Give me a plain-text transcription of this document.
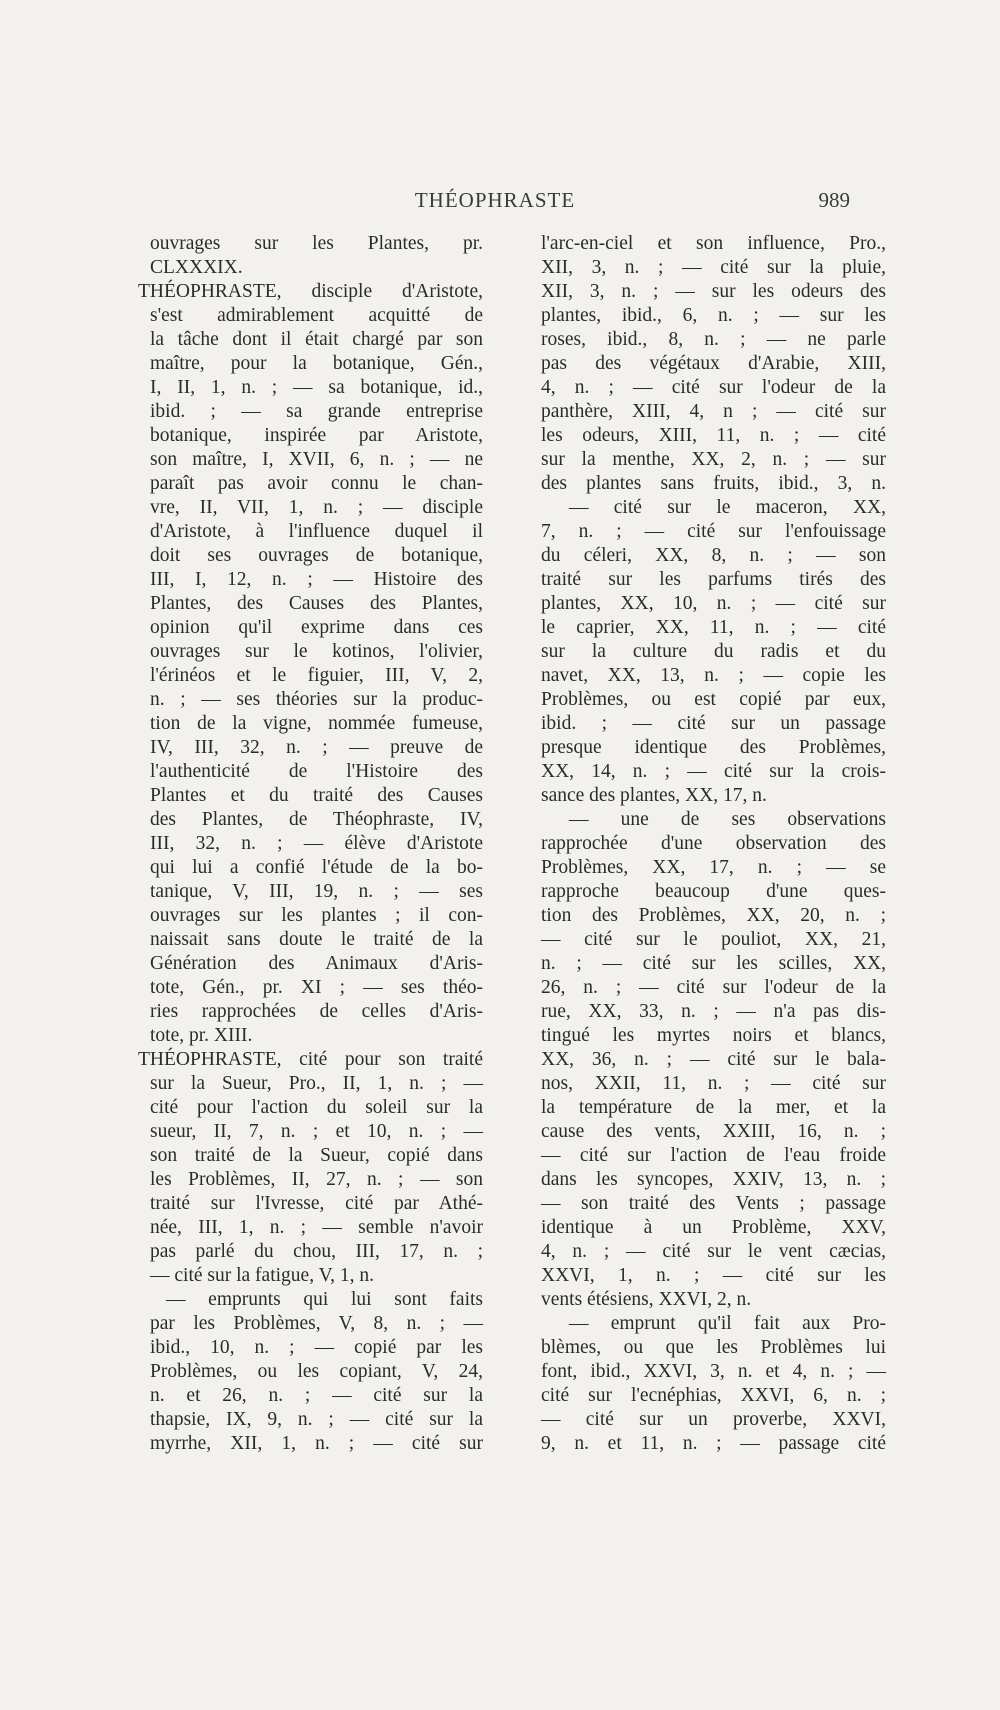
THÉOPHRASTE	989
ouvrages sur les Plantes, pr.
CLXXXIX.
THÉOPHRASTE, disciple d'Aristote,
s'est admirablement acquitté de
la tâche dont il était chargé par son
maître, pour la botanique, Gén.,
I, II, 1, n. ; — sa botanique, id.,
ibid. ; — sa grande entreprise
botanique, inspirée par Aristote,
son maître, I, XVII, 6, n. ; — ne
paraît pas avoir connu le chan-
vre, II, VII, 1, n. ; — disciple
d'Aristote, à l'influence duquel il
doit ses ouvrages de botanique,
III, I, 12, n. ; — Histoire des
Plantes, des Causes des Plantes,
opinion qu'il exprime dans ces
ouvrages sur le kotinos, l'olivier,
l'érinéos et le figuier, III, V, 2,
n. ; — ses théories sur la produc-
tion de la vigne, nommée fumeuse,
IV, III, 32, n. ; — preuve de
l'authenticité de l'Histoire des
Plantes et du traité des Causes
des Plantes, de Théophraste, IV,
III, 32, n. ; — élève d'Aristote
qui lui a confié l'étude de la bo-
tanique, V, III, 19, n. ; — ses
ouvrages sur les plantes ; il con-
naissait sans doute le traité de la
Génération des Animaux d'Aris-
tote, Gén., pr. XI ; — ses théo-
ries rapprochées de celles d'Aris-
tote, pr. XIII.
THÉOPHRASTE, cité pour son traité
sur la Sueur, Pro., II, 1, n. ; —
cité pour l'action du soleil sur la
sueur, II, 7, n. ; et 10, n. ; —
son traité de la Sueur, copié dans
les Problèmes, II, 27, n. ; — son
traité sur l'Ivresse, cité par Athé-
née, III, 1, n. ; — semble n'avoir
pas parlé du chou, III, 17, n. ;
— cité sur la fatigue, V, 1, n.
— emprunts qui lui sont faits
par les Problèmes, V, 8, n. ; —
ibid., 10, n. ; — copié par les
Problèmes, ou les copiant, V, 24,
n. et 26, n. ; — cité sur la
thapsie, IX, 9, n. ; — cité sur la
myrrhe, XII, 1, n. ; — cité sur
l'arc-en-ciel et son influence, Pro.,
XII, 3, n. ; — cité sur la pluie,
XII, 3, n. ; — sur les odeurs des
plantes, ibid., 6, n. ; — sur les
roses, ibid., 8, n. ; — ne parle
pas des végétaux d'Arabie, XIII,
4, n. ; — cité sur l'odeur de la
panthère, XIII, 4, n ; — cité sur
les odeurs, XIII, 11, n. ; — cité
sur la menthe, XX, 2, n. ; — sur
des plantes sans fruits, ibid., 3, n.
— cité sur le maceron, XX,
7, n. ; — cité sur l'enfouissage
du céleri, XX, 8, n. ; — son
traité sur les parfums tirés des
plantes, XX, 10, n. ; — cité sur
le caprier, XX, 11, n. ; — cité
sur la culture du radis et du
navet, XX, 13, n. ; — copie les
Problèmes, ou est copié par eux,
ibid. ; — cité sur un passage
presque identique des Problèmes,
XX, 14, n. ; — cité sur la crois-
sance des plantes, XX, 17, n.
— une de ses observations
rapprochée d'une observation des
Problèmes, XX, 17, n. ; — se
rapproche beaucoup d'une ques-
tion des Problèmes, XX, 20, n. ;
— cité sur le pouliot, XX, 21,
n. ; — cité sur les scilles, XX,
26, n. ; — cité sur l'odeur de la
rue, XX, 33, n. ; — n'a pas dis-
tingué les myrtes noirs et blancs,
XX, 36, n. ; — cité sur le bala-
nos, XXII, 11, n. ; — cité sur
la température de la mer, et la
cause des vents, XXIII, 16, n. ;
— cité sur l'action de l'eau froide
dans les syncopes, XXIV, 13, n. ;
— son traité des Vents ; passage
identique à un Problème, XXV,
4, n. ; — cité sur le vent cæcias,
XXVI, 1, n. ; — cité sur les
vents étésiens, XXVI, 2, n.
— emprunt qu'il fait aux Pro-
blèmes, ou que les Problèmes lui
font, ibid., XXVI, 3, n. et 4, n. ; —
cité sur l'ecnéphias, XXVI, 6, n. ;
— cité sur un proverbe, XXVI,
9, n. et 11, n. ; — passage cité
